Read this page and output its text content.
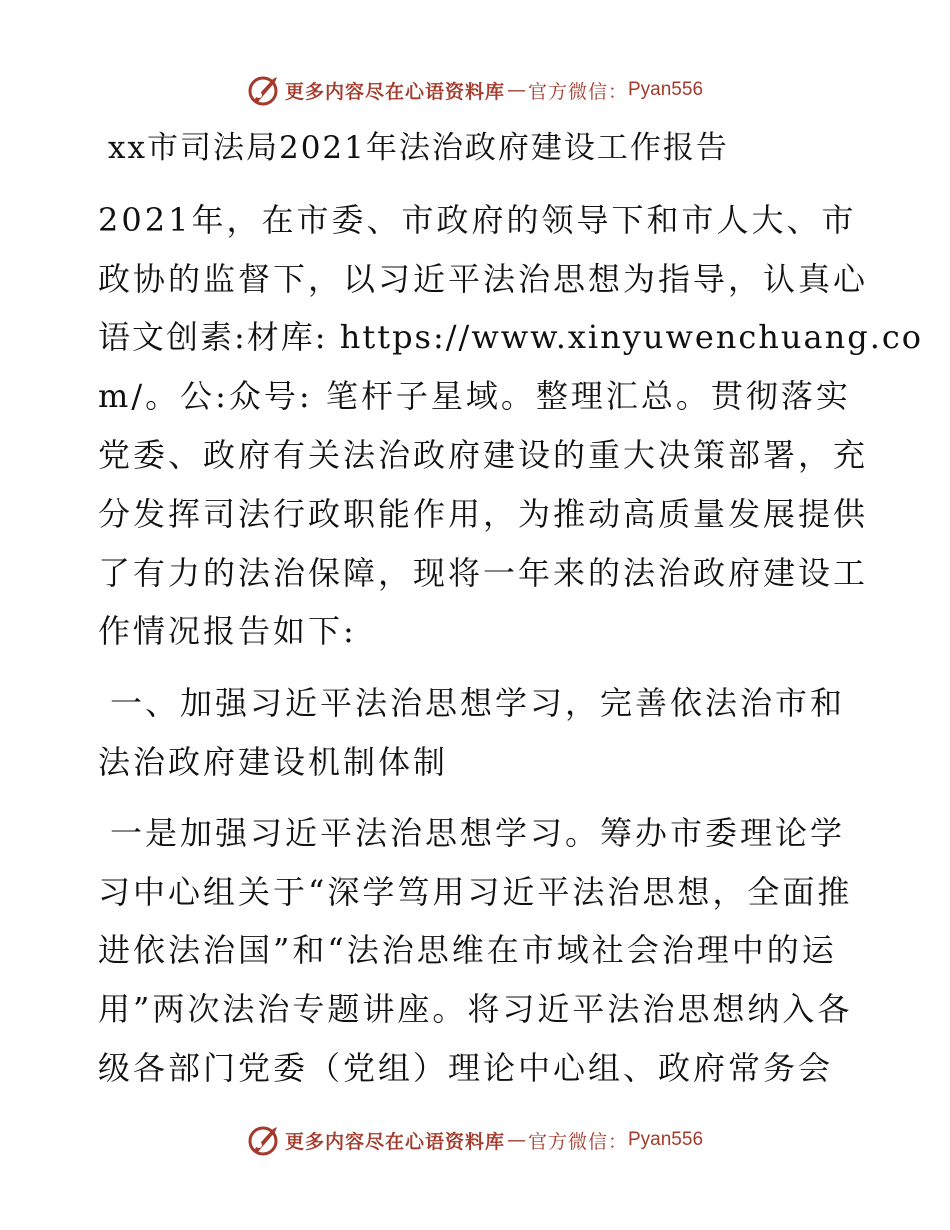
更多内容尽在心语资料库 — 官方微信： Pyan556
xx市司法局2021年法治政府建设工作报告
2021年，在市委、市政府的领导下和市人大、市
政协的监督下，以习近平法治思想为指导，认真心
语文创素:材库: https://www.xinyuwenchuang.co
m/。公:众号: 笔杆子星域。整理汇总。贯彻落实
党委、政府有关法治政府建设的重大决策部署，充
分发挥司法行政职能作用，为推动高质量发展提供
了有力的法治保障，现将一年来的法治政府建设工
作情况报告如下:
一、加强习近平法治思想学习，完善依法治市和
法治政府建设机制体制
一是加强习近平法治思想学习。筹办市委理论学
习中心组关于“深学笃用习近平法治思想，全面推
进依法治国”和“法治思维在市域社会治理中的运
用”两次法治专题讲座。将习近平法治思想纳入各
级各部门党委（党组）理论中心组、政府常务会
更多内容尽在心语资料库 — 官方微信： Pyan556
